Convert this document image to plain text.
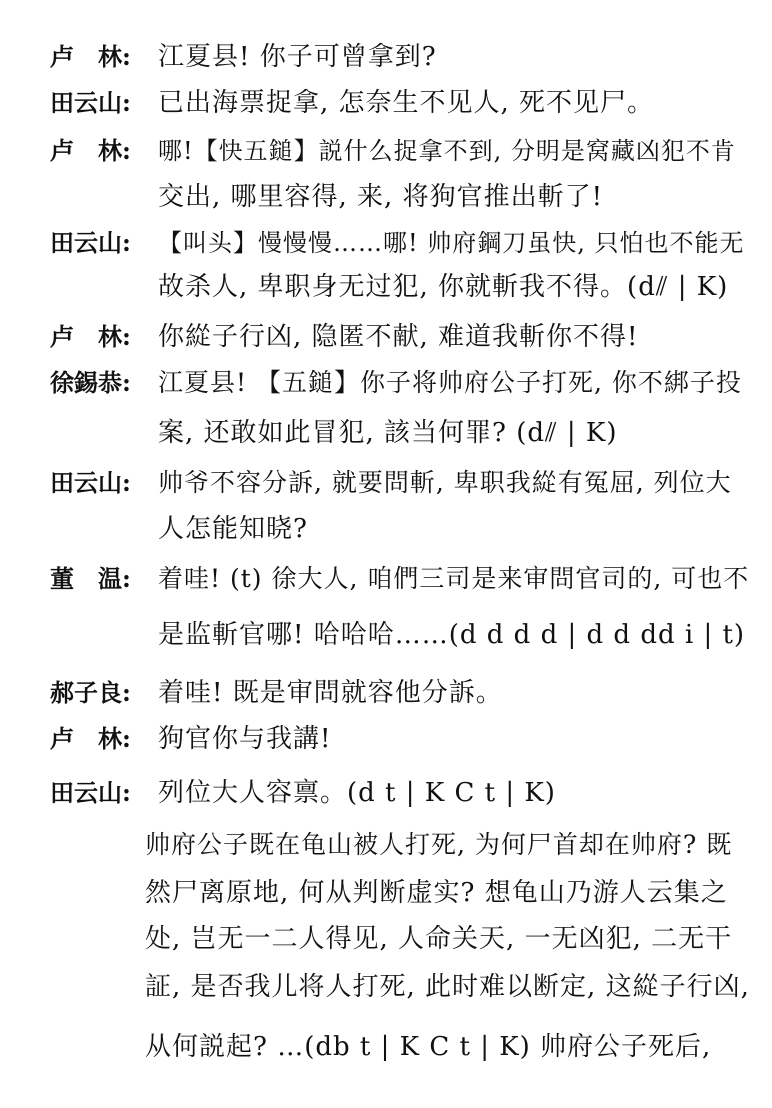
卢　林: 江夏县! 你子可曾拿到?
田云山: 已出海票捉拿, 怎奈生不见人, 死不见尸。
卢　林: 哪!【快五鎚】説什么捉拿不到, 分明是窝藏凶犯不肯
交出, 哪里容得, 来, 将狗官推出斬了!
田云山: 【叫头】慢慢慢……哪! 帅府鋼刀虽快, 只怕也不能无
故杀人, 卑职身无过犯, 你就斬我不得。(d⫽ | K)
卢　林: 你緃子行凶, 隐匿不献, 难道我斬你不得!
徐錫恭: 江夏县! 【五鎚】你子将帅府公子打死, 你不綁子投
案, 还敢如此冒犯, 該当何罪? (d⫽ | K)
田云山: 帅爷不容分訴, 就要問斬, 卑职我緃有冤屈, 列位大
人怎能知晓?
董　温: 着哇! (t) 徐大人, 咱們三司是来审問官司的, 可也不
是监斬官哪! 哈哈哈……(d d d d | d d dd i | t)
郝子良: 着哇! 既是审問就容他分訴。
卢　林: 狗官你与我講!
田云山: 列位大人容禀。(d t | K C t | K)
帅府公子既在龟山被人打死, 为何尸首却在帅府? 既
然尸离原地, 何从判断虚实? 想龟山乃游人云集之
处, 岂无一二人得见, 人命关天, 一无凶犯, 二无干
証, 是否我儿将人打死, 此时难以断定, 这緃子行凶,
从何説起? …(db t | K C t | K) 帅府公子死后,
